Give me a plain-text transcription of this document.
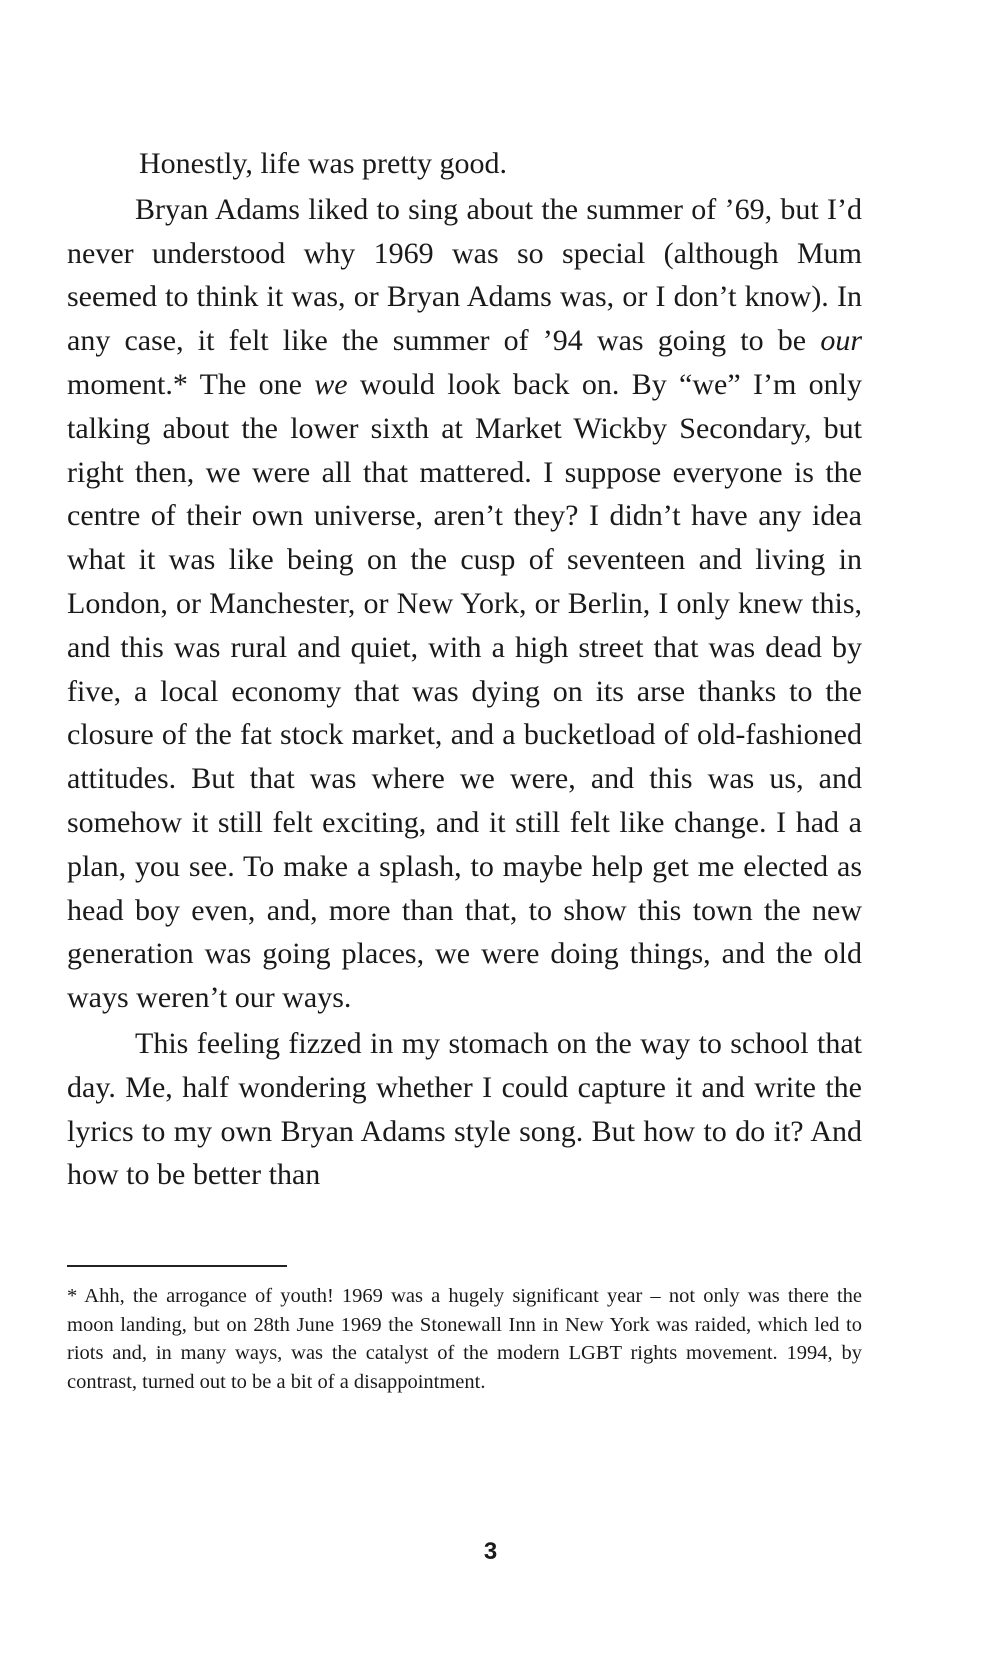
Honestly, life was pretty good.

Bryan Adams liked to sing about the summer of ’69, but I’d never understood why 1969 was so special (although Mum seemed to think it was, or Bryan Adams was, or I don’t know). In any case, it felt like the summer of ’94 was going to be our moment.* The one we would look back on. By “we” I’m only talking about the lower sixth at Market Wickby Secondary, but right then, we were all that mattered. I suppose everyone is the centre of their own universe, aren’t they? I didn’t have any idea what it was like being on the cusp of seventeen and living in London, or Manchester, or New York, or Berlin, I only knew this, and this was rural and quiet, with a high street that was dead by five, a local economy that was dying on its arse thanks to the closure of the fat stock market, and a bucketload of old-fashioned attitudes. But that was where we were, and this was us, and somehow it still felt exciting, and it still felt like change. I had a plan, you see. To make a splash, to maybe help get me elected as head boy even, and, more than that, to show this town the new generation was going places, we were doing things, and the old ways weren’t our ways.

This feeling fizzed in my stomach on the way to school that day. Me, half wondering whether I could capture it and write the lyrics to my own Bryan Adams style song. But how to do it? And how to be better than

* Ahh, the arrogance of youth! 1969 was a hugely significant year – not only was there the moon landing, but on 28th June 1969 the Stonewall Inn in New York was raided, which led to riots and, in many ways, was the catalyst of the modern LGBT rights movement. 1994, by contrast, turned out to be a bit of a disappointment.

3
